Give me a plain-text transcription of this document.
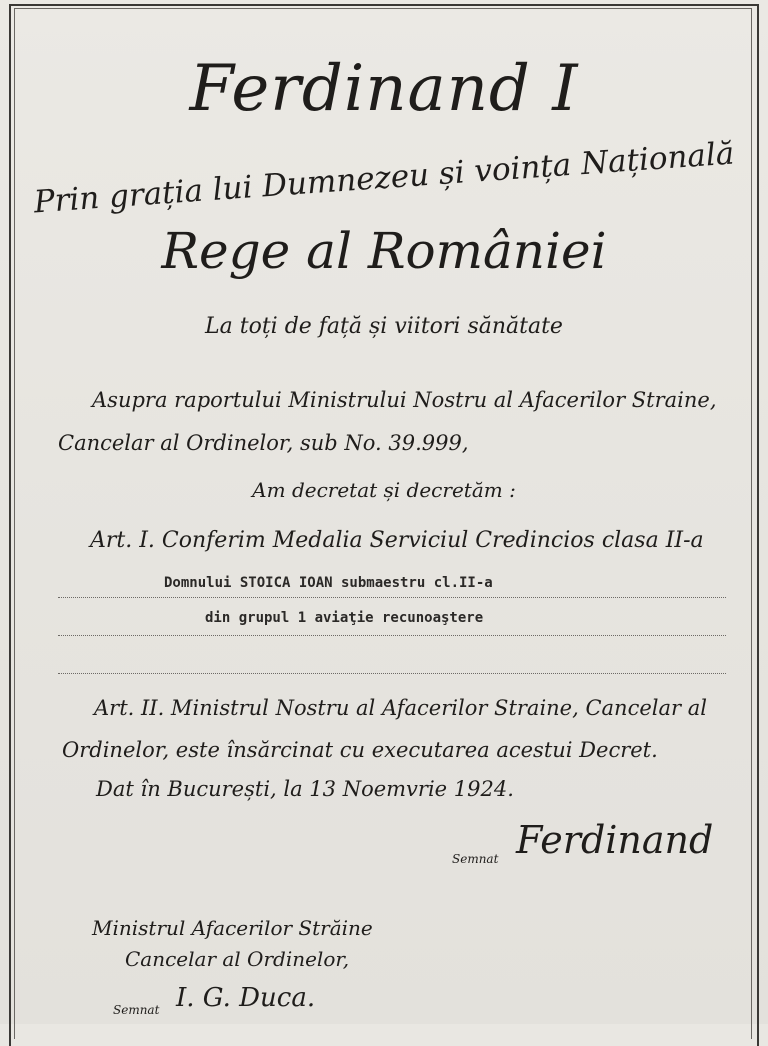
Ferdinand I
Prin grația lui Dumnezeu și voința Națională
Rege al României
La toți de față și viitori sănătate
Asupra raportului Ministrului Nostru al Afacerilor Straine,
Cancelar al Ordinelor, sub No. 39.999,
Am decretat și decretăm :
Art. I. Conferim Medalia Serviciul Credincios clasa II-a
Domnului STOICA IOAN submaestru cl.II-a
din grupul 1 aviaţie recunoaştere
Art. II. Ministrul Nostru al Afacerilor Straine, Cancelar al
Ordinelor, este însărcinat cu executarea acestui Decret.
Dat în București, la 13 Noemvrie 1924.
Semnat Ferdinand
Ministrul Afacerilor Străine
Cancelar al Ordinelor,
Semnat I. G. Duca.
